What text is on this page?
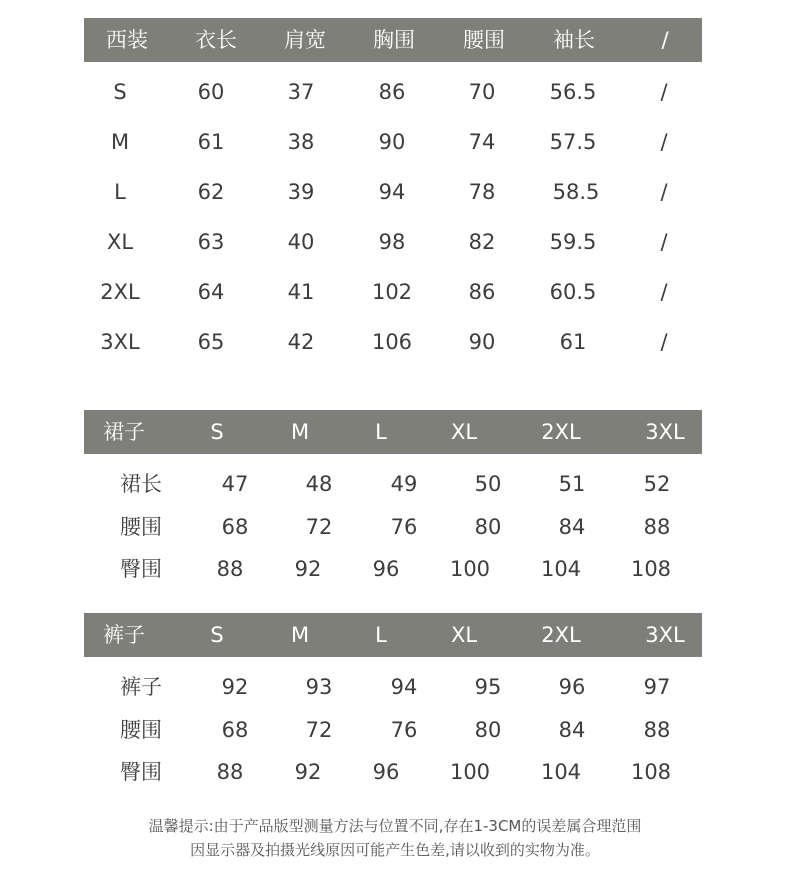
西装 衣长 肩宽 胸围 腰围 袖长	/
S	60	37	86	70	56.5	/
M	61	38	90	74	57.5	/
L	62	39	94	78	58.5	/
XL	63	40	98	82	59.5	/
2XL	64	41	102	86	60.5	/
3XL	65	42	106	90	61	/
裙子	S	M	L	XL	2XL	3XL
裙长	47	48	49	50	51	52
腰围	68	72	76	80	84	88
臀围	88 92 96 100 104 108
裤子	S	M	L	XL	2XL	3XL
裤子	92	93	94	95	96	97
腰围	68	72	76	80	84	88
臀围	88 92 96 100 104 108
温馨提示:由于产品版型测量方法与位置不同,存在1-3CM的误差属合理范围
因显示器及拍摄光线原因可能产生色差,请以收到的实物为准。
